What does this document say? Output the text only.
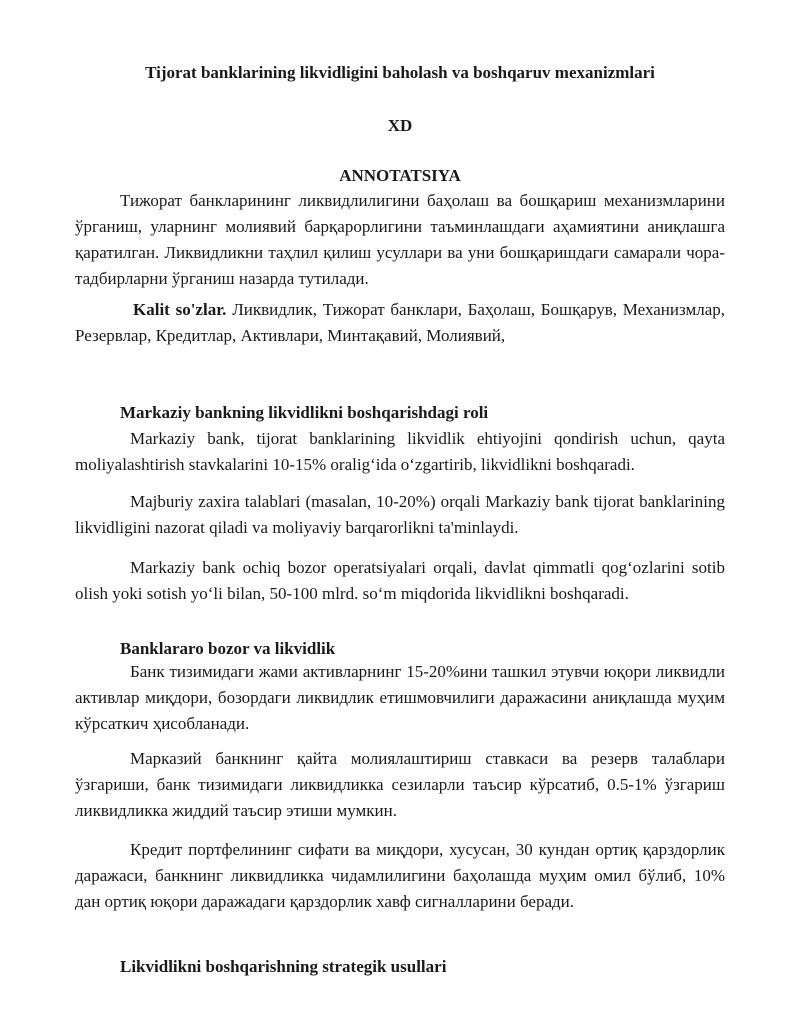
Tijorat banklarining likvidligini baholash va boshqaruv mexanizmlari

XD

ANNOTATSIYA

Тижорат банкларининг ликвидлилигини баҳолаш ва бошқариш механизмларини ўрганиш, уларнинг молиявий барқарорлигини таъминлашдаги аҳамиятини аниқлашга қаратилган. Ликвидликни таҳлил қилиш усуллари ва уни бошқаришдаги самарали чора-тадбирларни ўрганиш назарда тутилади.

Kalit so'zlar. Ликвидлик, Тижорат банклари, Баҳолаш, Бошқарув, Механизмлар, Резервлар, Кредитлар, Активлари, Минтақавий, Молиявий,

Markaziy bankning likvidlikni boshqarishdagi roli

Markaziy bank, tijorat banklarining likvidlik ehtiyojini qondirish uchun, qayta moliyalashtirish stavkalarini 10-15% oralig‘ida o‘zgartirib, likvidlikni boshqaradi.

Majburiy zaxira talablari (masalan, 10-20%) orqali Markaziy bank tijorat banklarining likvidligini nazorat qiladi va moliyaviy barqarorlikni ta'minlaydi.

Markaziy bank ochiq bozor operatsiyalari orqali, davlat qimmatli qog‘ozlarini sotib olish yoki sotish yo‘li bilan, 50-100 mlrd. so‘m miqdorida likvidlikni boshqaradi.

Banklararo bozor va likvidlik

Банк тизимидаги жами активларнинг 15-20%ини ташкил этувчи юқори ликвидли активлар миқдори, бозордаги ликвидлик етишмовчилиги даражасини аниқлашда муҳим кўрсаткич ҳисобланади.

Марказий банкнинг қайта молиялаштириш ставкаси ва резерв талаблари ўзгариши, банк тизимидаги ликвидликка сезиларли таъсир кўрсатиб, 0.5-1% ўзгариш ликвидликка жиддий таъсир этиши мумкин.

Кредит портфелининг сифати ва миқдори, хусусан, 30 кундан ортиқ қарздорлик даражаси, банкнинг ликвидликка чидамлилигини баҳолашда муҳим омил бўлиб, 10% дан ортиқ юқори даражадаги қарздорлик хавф сигналларини беради.

Likvidlikni boshqarishning strategik usullari
